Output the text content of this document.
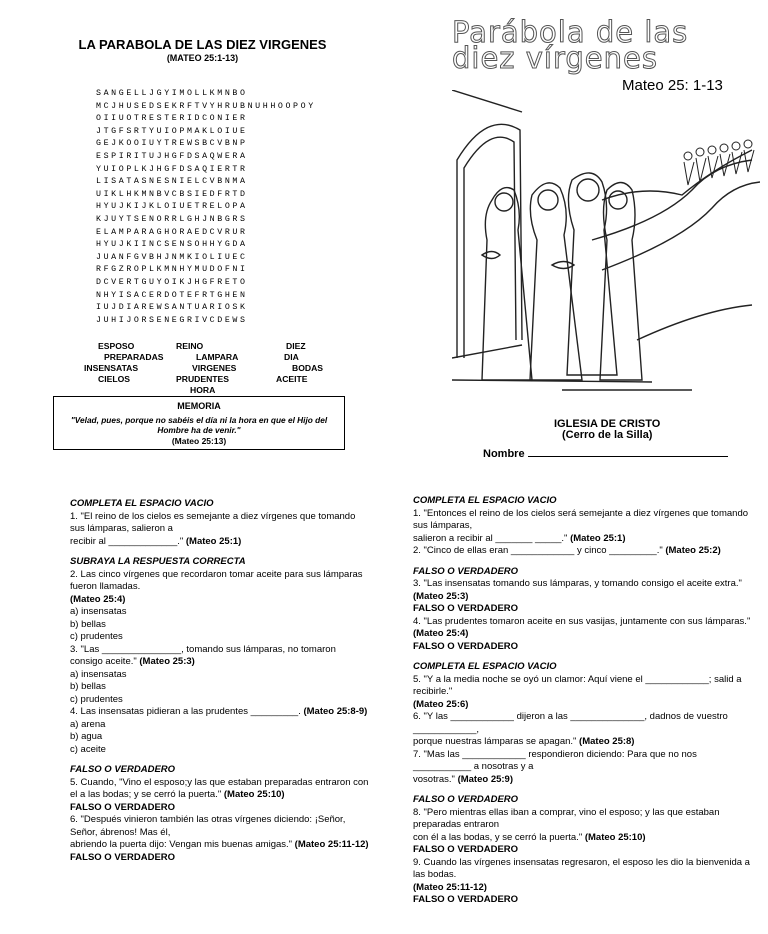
LA PARABOLA DE LAS DIEZ VIRGENES
(MATEO 25:1-13)
SANGELLJGYIMOLLKMNBO
MCJHUSEDSEKRFTVYHRUBNUHHOOPOY
OIIUOTRESTERIDCONIER
JTGFSRTYUIOPMAKLOIUE
GEJKOOIUYTREWSBCVBNP
ESPIRITUJHGFDSAQWERA
YUIOPLKJHGFDSAQIERTR
LISATASNESNIELCVBNMA
UIKLHKMNBVCBSIEDFRTD
HYUJKIJKLOIUETRELOPA
KJUYTSENORRLGHJNBGRS
ELAMPARAGHORAEDCVRUR
HYUJKIINCSENSOHHYGDA
JUANFGVBHJNMKIOLIUEC
RFGZROPLKMNHYMUDOFNI
DCVERTGUYOIKJHGFRETO
NHYISACERDOTEFRTGHEN
IUJDIAREWSANTUARIOSK
JUHIJORSENEGRIVCDEWS
ESPOSO
PREPARADAS
INSENSATAS
CIELOS
REINO
LAMPARA
VIRGENES
PRUDENTES
HORA
DIEZ
DIA
BODAS
ACEITE
MEMORIA
"Velad, pues, porque no sabéis el día ni la hora en que el Hijo del Hombre ha de venir."
(Mateo 25:13)
Parábola de las
diez vírgenes
Mateo 25: 1-13
IGLESIA DE CRISTO
(Cerro de la Silla)
Nombre
COMPLETA EL ESPACIO VACIO
1. "El reino de los cielos es semejante a diez vírgenes que tomando sus lámparas, salieron a
recibir al _____________." (Mateo 25:1)
SUBRAYA LA RESPUESTA CORRECTA
2. Las cinco vírgenes que recordaron tomar aceite para sus lámparas fueron llamadas.
(Mateo 25:4)
a) insensatas
b) bellas
c) prudentes
3. "Las _______________, tomando sus lámparas, no tomaron consigo aceite." (Mateo 25:3)
a) insensatas
b) bellas
c) prudentes
4. Las insensatas pidieran a las prudentes _________. (Mateo 25:8-9)
a) arena
b) agua
c) aceite
FALSO O VERDADERO
5. Cuando, "Vino el esposo;y las que estaban preparadas entraron con el a las bodas; y se cerró la puerta." (Mateo 25:10)
FALSO O VERDADERO
6. "Después vinieron también las otras vírgenes diciendo: ¡Señor, Señor, ábrenos! Mas él,
abriendo la puerta dijo: Vengan mis buenas amigas." (Mateo 25:11-12)
FALSO O VERDADERO
COMPLETA EL ESPACIO VACIO
1. "Entonces el reino de los cielos será semejante a diez vírgenes que tomando sus lámparas,
salieron a recibir al _______ _____." (Mateo 25:1)
2. "Cinco de ellas eran ____________ y cinco _________." (Mateo 25:2)
FALSO O VERDADERO
3. "Las insensatas tomando sus lámparas, y tomando consigo el aceite extra." (Mateo 25:3)
FALSO O VERDADERO
4. "Las prudentes tomaron aceite en sus vasijas, juntamente con sus lámparas." (Mateo 25:4)
FALSO O VERDADERO
COMPLETA EL ESPACIO VACIO
5. "Y a la media noche se oyó un clamor: Aquí viene el ____________; salid a recibirle."
(Mateo 25:6)
6. "Y las ____________ dijeron a las ______________, dadnos de vuestro ____________,
porque nuestras lámparas se apagan." (Mateo 25:8)
7. "Mas las ____________ respondieron diciendo: Para que no nos ___________ a nosotras y a
vosotras." (Mateo 25:9)
FALSO O VERDADERO
8. "Pero mientras ellas iban a comprar, vino el esposo; y las que estaban preparadas entraron
con él a las bodas, y se cerró la puerta." (Mateo 25:10)
FALSO O VERDADERO
9. Cuando las vírgenes insensatas regresaron, el esposo les dio la bienvenida a las bodas.
(Mateo 25:11-12)
FALSO O VERDADERO
